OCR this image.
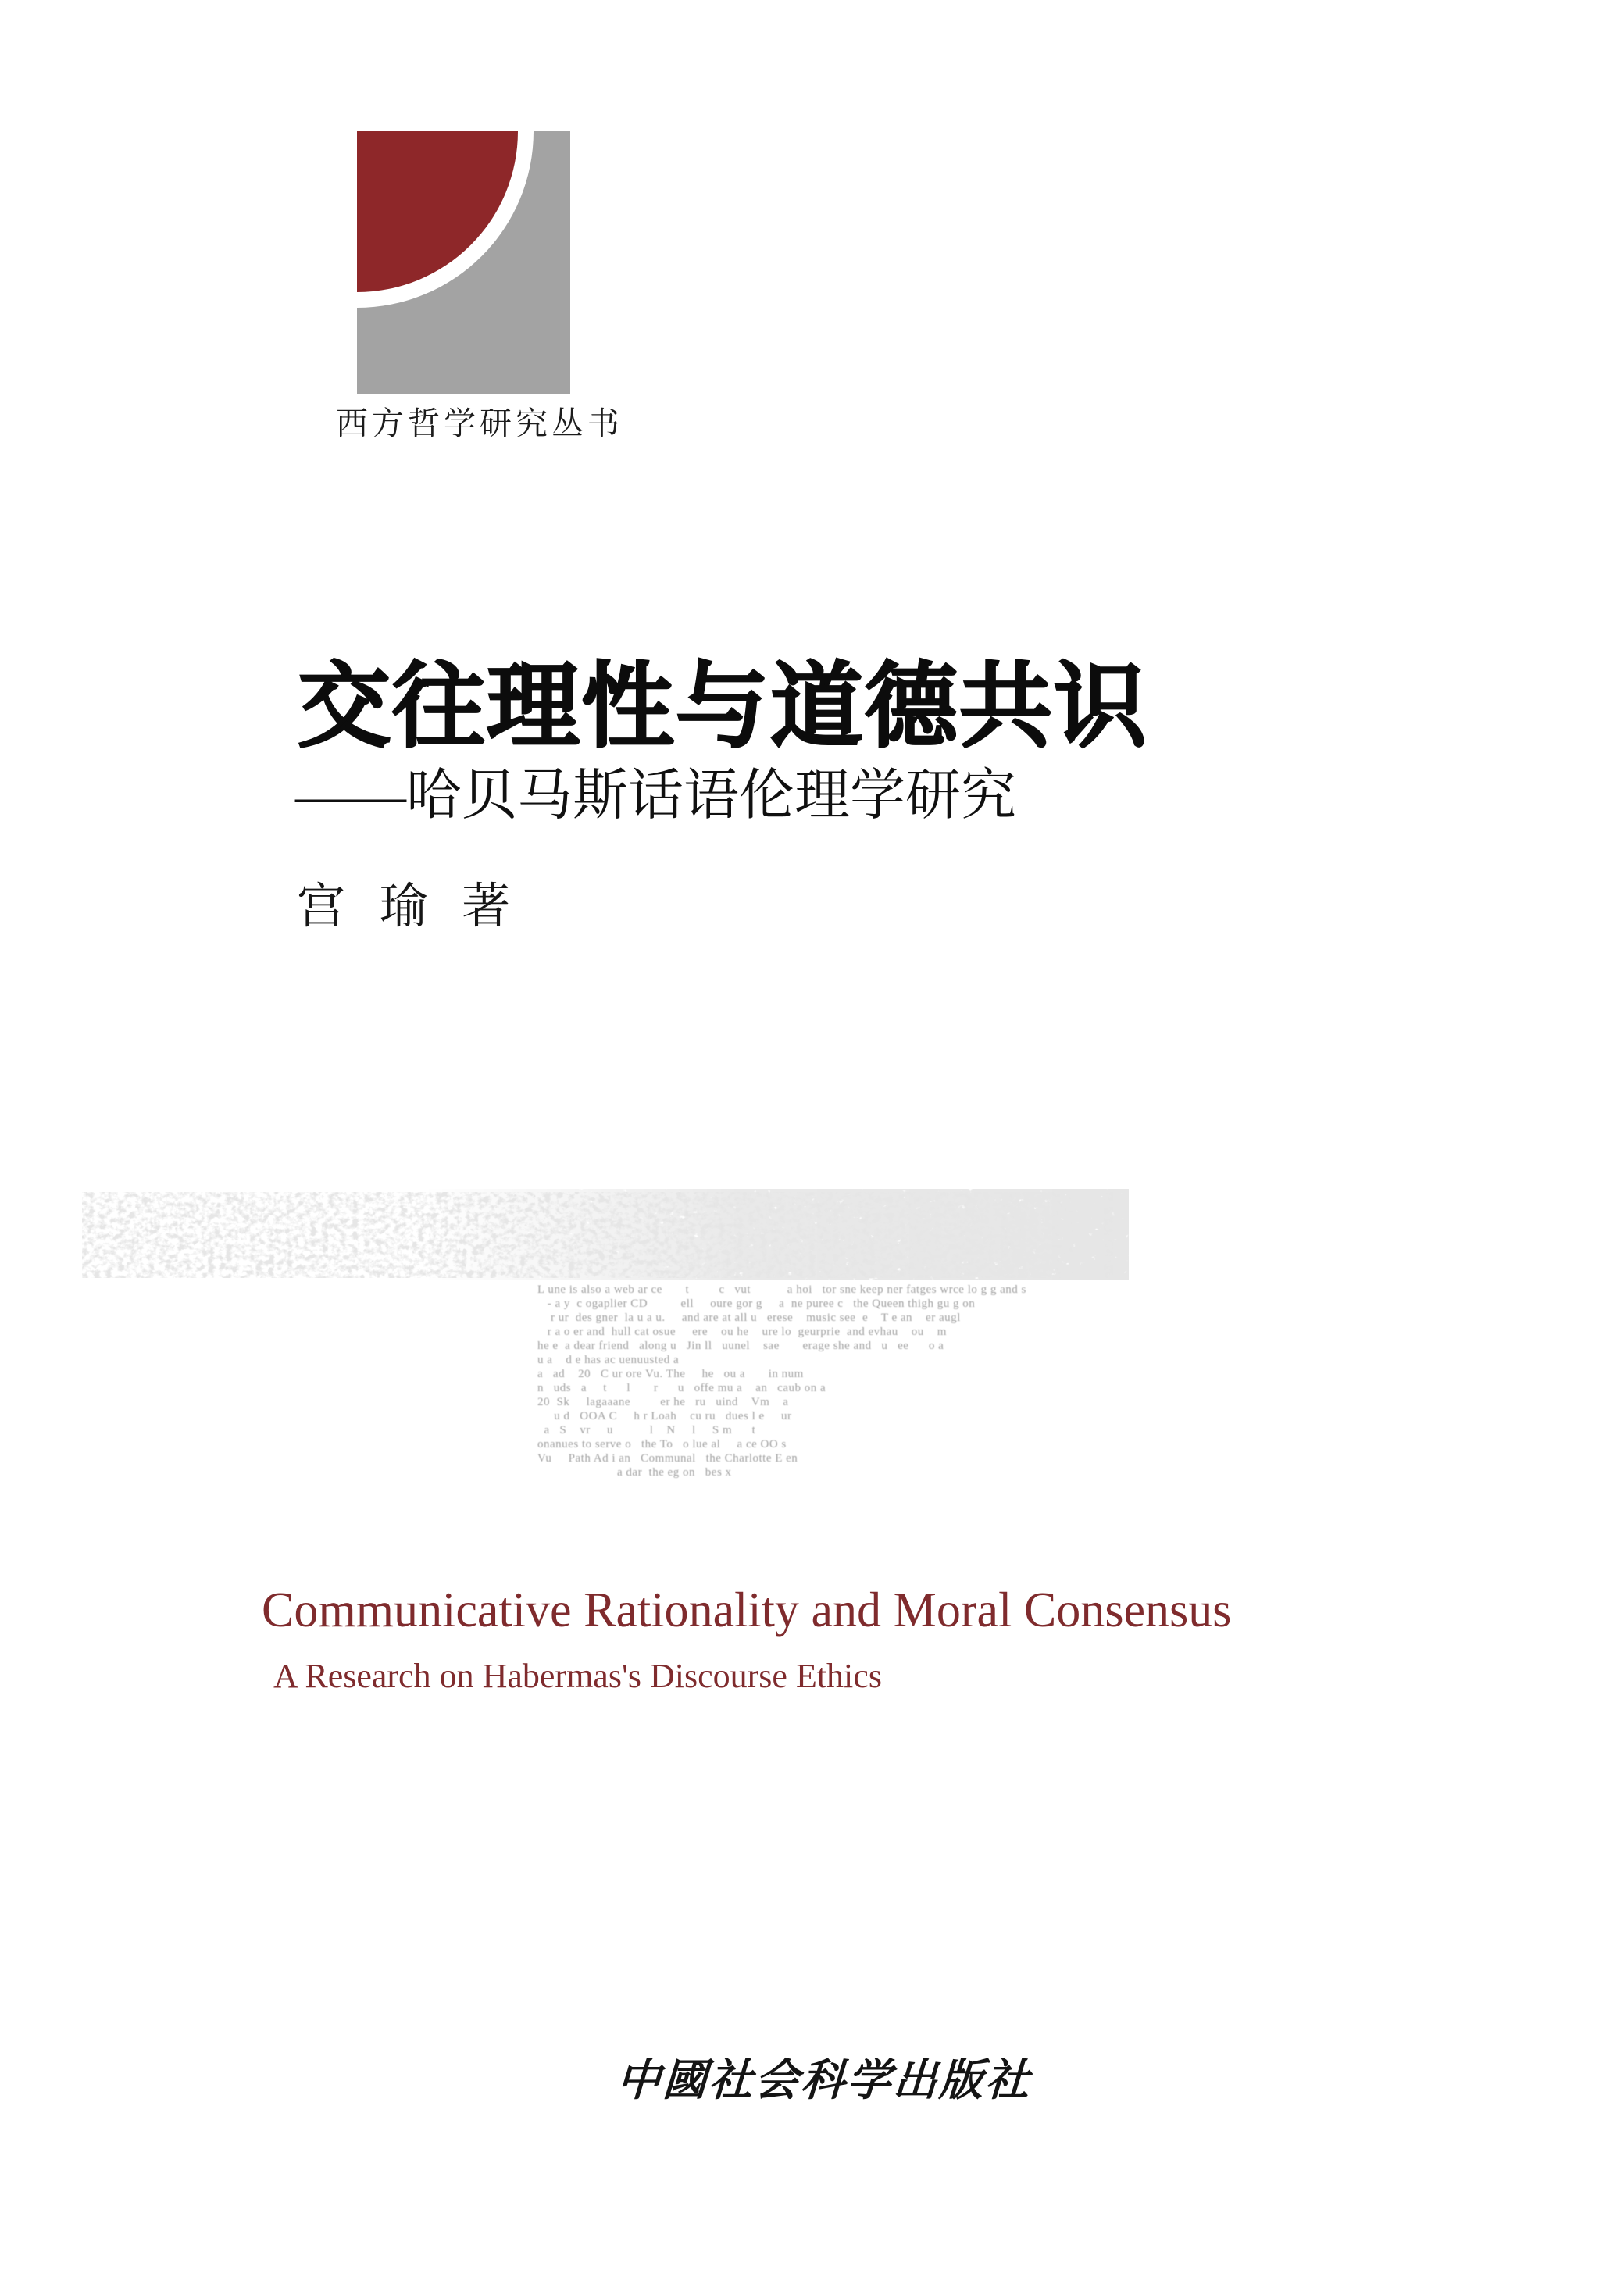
西方哲学研究丛书
交往理性与道德共识
——哈贝马斯话语伦理学研究
宫 瑜 著
L une is also a web ar ce       t         c   vut           a hoi   tor sne keep ner fatges wrce lo g g and s
- a y  c ogaplier CD          ell     oure gor g     a  ne puree c   the Queen thigh gu g on
r ur  des gner  la u a u.     and are at all u   erese    music see  e    T e an    er augl
r a o er and  hull cat osue     ere    ou he    ure lo  geurprie  and evhau    ou    m
he e  a dear friend   along u   Jin ll   uunel    sae       erage she and   u   ee      o a
u a    d e has ac uenuusted a
a   ad    20   C ur ore Vu. The     he   ou a       in num
n   uds   a     t      l       r      u   offe mu a    an   caub on a
20  Sk     lagaaane         er he   ru   uind    Vm    a
u d   OOA C     h r Loah    cu ru   dues l e     ur
a   S    vr     u           l    N     l     S m      t
onanues to serve o   the To   o lue al     a ce OO s
Vu     Path Ad i an   Communal   the Charlotte E en
a dar  the eg on   bes x
Communicative Rationality and Moral Consensus
A Research on Habermas's Discourse Ethics
中國社会科学出版社
